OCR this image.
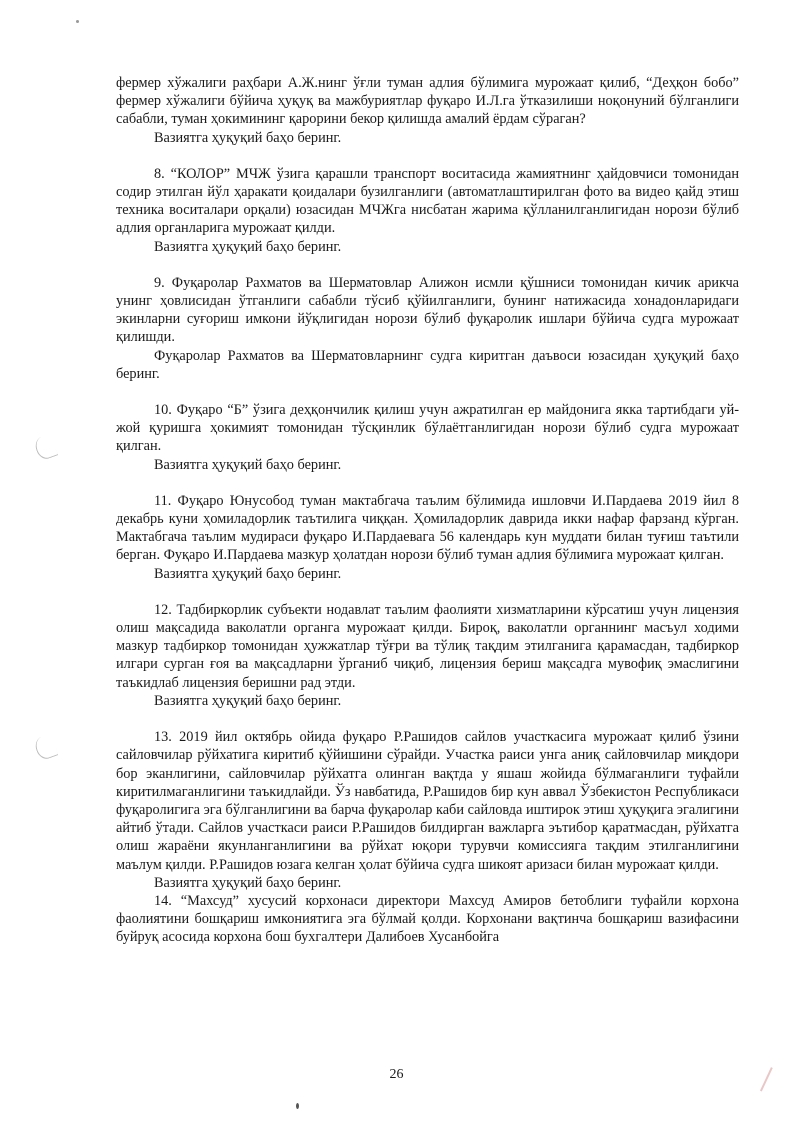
фермер хўжалиги раҳбари А.Ж.нинг ўғли туман адлия бўлимига мурожаат қилиб, “Деҳқон бобо” фермер хўжалиги бўйича ҳуқуқ ва мажбуриятлар фуқаро И.Л.га ўтказилиши ноқонуний бўлганлиги сабабли, туман ҳокимининг қарорини бекор қилишда амалий ёрдам сўраган?

Вазиятга ҳуқуқий баҳо беринг.

8. “КОЛОР” МЧЖ ўзига қарашли транспорт воситасида жамиятнинг ҳайдовчиси томонидан содир этилган йўл ҳаракати қоидалари бузилганлиги (автоматлаштирилган фото ва видео қайд этиш техника воситалари орқали) юзасидан МЧЖга нисбатан жарима қўлланилганлигидан норози бўлиб адлия органларига мурожаат қилди.

Вазиятга ҳуқуқий баҳо беринг.

9. Фуқаролар Рахматов ва Шерматовлар Алижон исмли қўшниси томонидан кичик арикча унинг ҳовлисидан ўтганлиги сабабли тўсиб қўйилганлиги, бунинг натижасида хонадонларидаги экинларни суғориш имкони йўқлигидан норози бўлиб фуқаролик ишлари бўйича судга мурожаат қилишди.

Фуқаролар Рахматов ва Шерматовларнинг судга киритган даъвоси юзасидан ҳуқуқий баҳо беринг.

10. Фуқаро “Б” ўзига деҳқончилик қилиш учун ажратилган ер майдонига якка тартибдаги уй-жой қуришга ҳокимият томонидан тўсқинлик бўлаётганлигидан норози бўлиб судга мурожаат қилган.

Вазиятга ҳуқуқий баҳо беринг.

11. Фуқаро Юнусобод туман мактабгача таълим бўлимида ишловчи И.Пардаева 2019 йил 8 декабрь куни ҳомиладорлик таътилига чиққан. Ҳомиладорлик даврида икки нафар фарзанд кўрган. Мактабгача таълим мудираси фуқаро И.Пардаевага 56 календарь кун муддати билан туғиш таътили берган. Фуқаро И.Пардаева мазкур ҳолатдан норози бўлиб туман адлия бўлимига мурожаат қилган.

Вазиятга ҳуқуқий баҳо беринг.

12. Тадбиркорлик субъекти нодавлат таълим фаолияти хизматларини кўрсатиш учун лицензия олиш мақсадида ваколатли органга мурожаат қилди. Бироқ, ваколатли органнинг масъул ходими мазкур тадбиркор томонидан ҳужжатлар тўғри ва тўлиқ тақдим этилганига қарамасдан, тадбиркор илгари сурган ғоя ва мақсадларни ўрганиб чиқиб, лицензия бериш мақсадга мувофиқ эмаслигини таъкидлаб лицензия беришни рад этди.

Вазиятга ҳуқуқий баҳо беринг.

13. 2019 йил октябрь ойида фуқаро Р.Рашидов сайлов участкасига мурожаат қилиб ўзини сайловчилар рўйхатига киритиб қўйишини сўрайди. Участка раиси унга аниқ сайловчилар миқдори бор эканлигини, сайловчилар рўйхатга олинган вақтда у яшаш жойида бўлмаганлиги туфайли киритилмаганлигини таъкидлайди. Ўз навбатида, Р.Рашидов бир кун аввал Ўзбекистон Республикаси фуқаролигига эга бўлганлигини ва барча фуқаролар каби сайловда иштирок этиш ҳуқуқига эгалигини айтиб ўтади. Сайлов участкаси раиси Р.Рашидов билдирган важларга эътибор қаратмасдан, рўйхатга олиш жараёни якунланганлигини ва рўйхат юқори турувчи комиссияга тақдим этилганлигини маълум қилди. Р.Рашидов юзага келган ҳолат бўйича судга шикоят аризаси билан мурожаат қилди.

Вазиятга ҳуқуқий баҳо беринг.

14. “Махсуд” хусусий корхонаси директори Махсуд Амиров бетоблиги туфайли корхона фаолиятини бошқариш имкониятига эга бўлмай қолди. Корхонани вақтинча бошқариш вазифасини буйруқ асосида корхона бош бухгалтери Далибоев Хусанбойга

26
